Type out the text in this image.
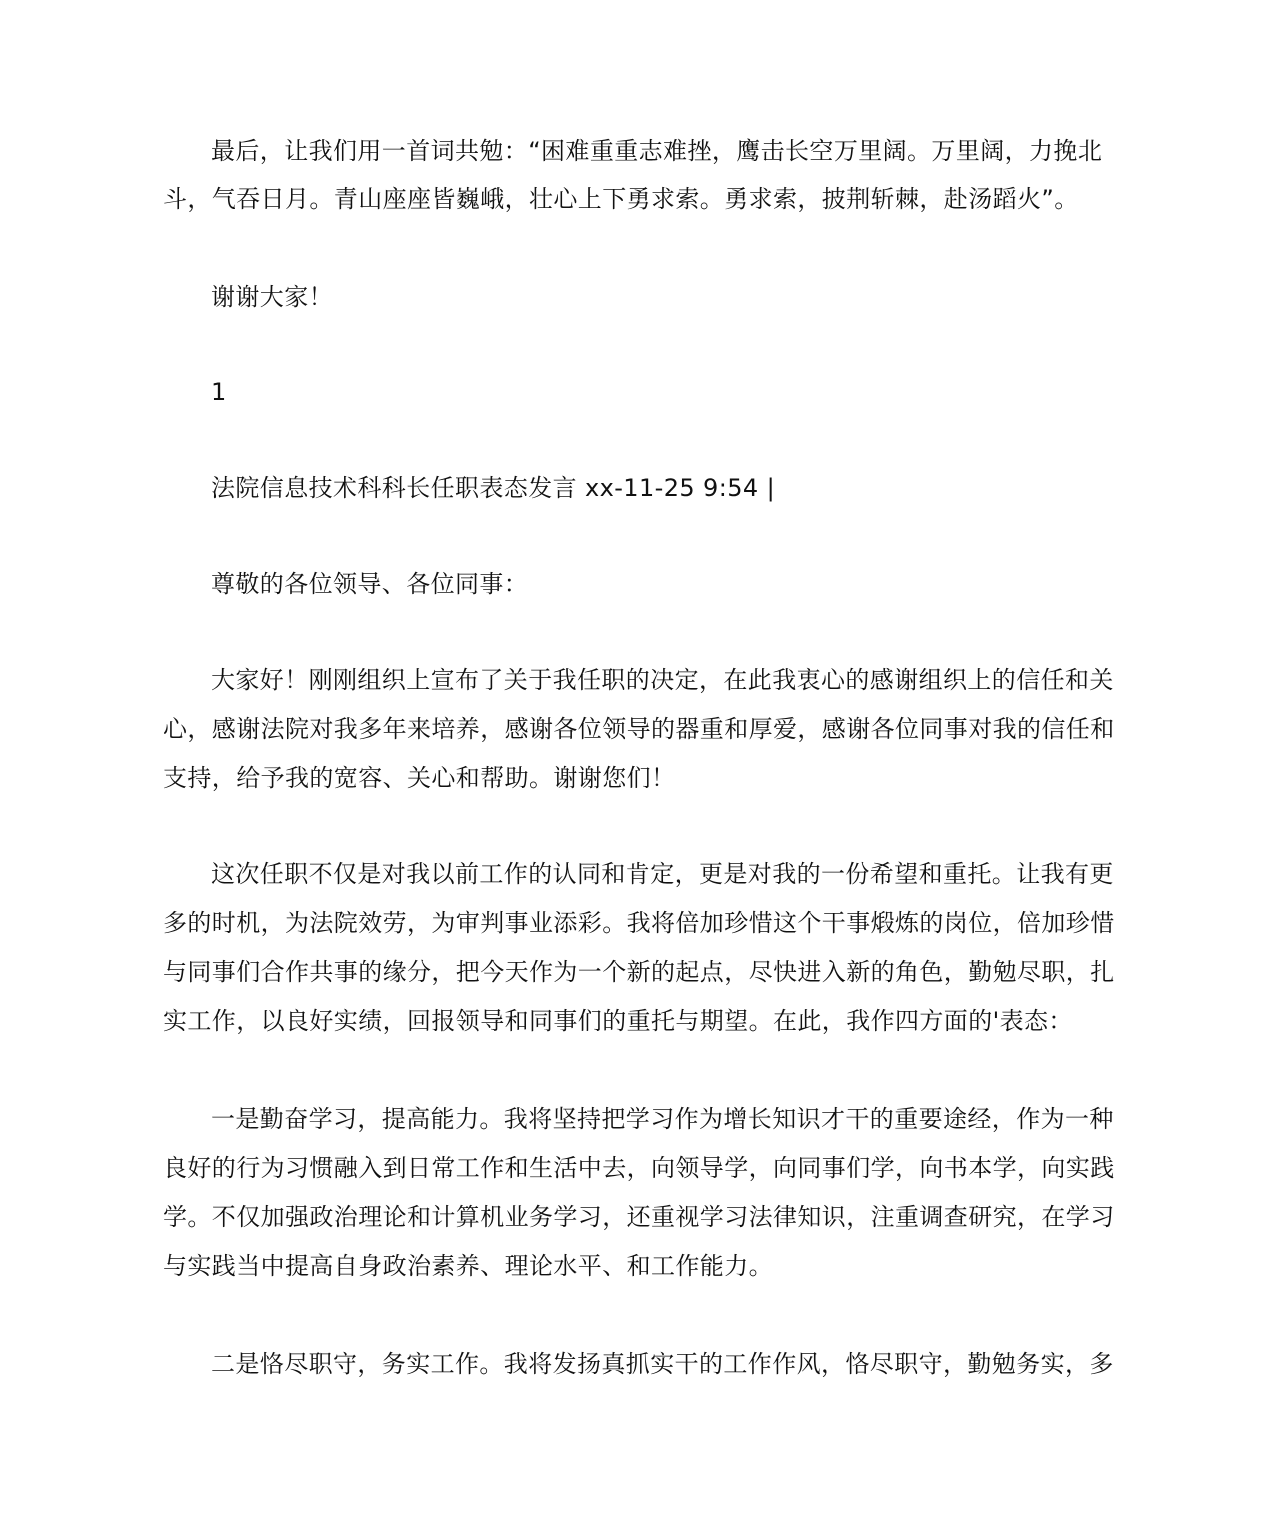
最后，让我们用一首词共勉：“困难重重志难挫，鹰击长空万里阔。万里阔，力挽北
斗，气吞日月。青山座座皆巍峨，壮心上下勇求索。勇求索，披荆斩棘，赴汤蹈火”。
谢谢大家！
1
法院信息技术科科长任职表态发言 xx-11-25 9:54 |
尊敬的各位领导、各位同事：
大家好！刚刚组织上宣布了关于我任职的决定，在此我衷心的感谢组织上的信任和关
心，感谢法院对我多年来培养，感谢各位领导的器重和厚爱，感谢各位同事对我的信任和
支持，给予我的宽容、关心和帮助。谢谢您们！
这次任职不仅是对我以前工作的认同和肯定，更是对我的一份希望和重托。让我有更
多的时机，为法院效劳，为审判事业添彩。我将倍加珍惜这个干事煅炼的岗位，倍加珍惜
与同事们合作共事的缘分，把今天作为一个新的起点，尽快进入新的角色，勤勉尽职，扎
实工作，以良好实绩，回报领导和同事们的重托与期望。在此，我作四方面的'表态：
一是勤奋学习，提高能力。我将坚持把学习作为增长知识才干的重要途经，作为一种
良好的行为习惯融入到日常工作和生活中去，向领导学，向同事们学，向书本学，向实践
学。不仅加强政治理论和计算机业务学习，还重视学习法律知识，注重调查研究，在学习
与实践当中提高自身政治素养、理论水平、和工作能力。
二是恪尽职守，务实工作。我将发扬真抓实干的工作作风，恪尽职守，勤勉务实，多
